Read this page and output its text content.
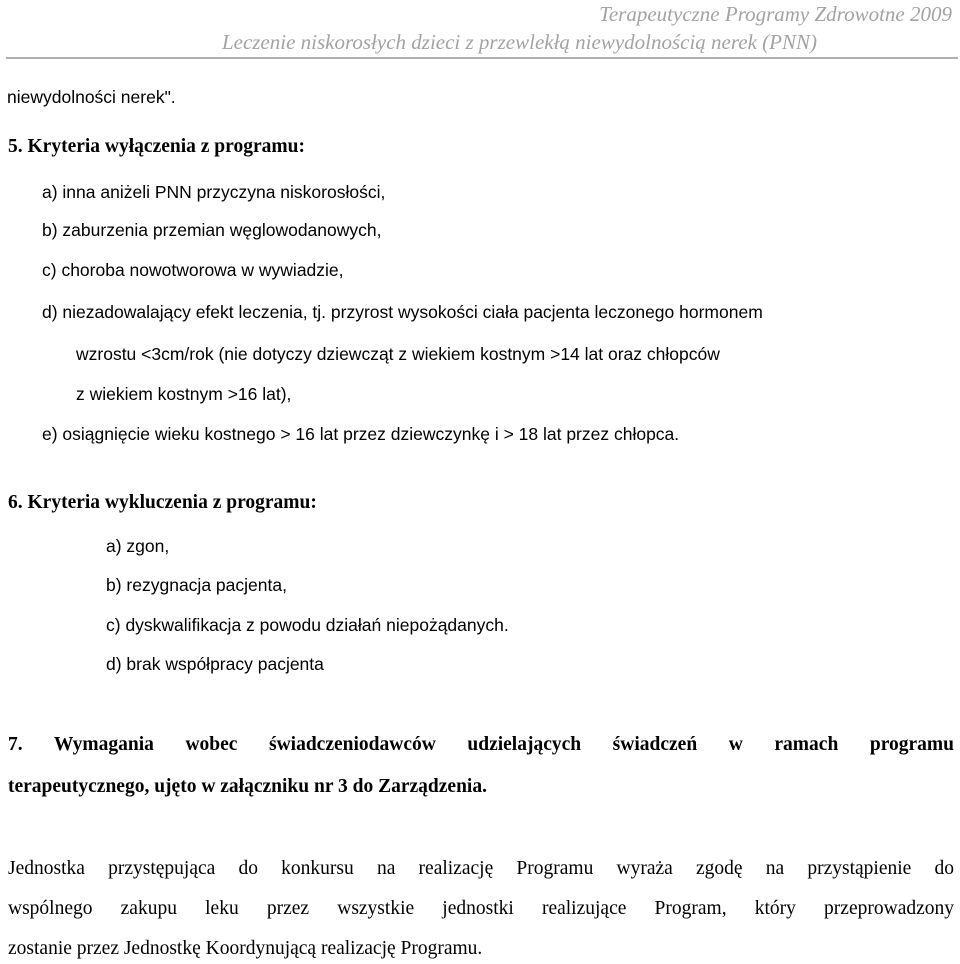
Terapeutyczne Programy Zdrowotne 2009
Leczenie niskorosłych dzieci z przewlekłą niewydolnością nerek (PNN)
niewydolności nerek".
5. Kryteria wyłączenia z programu:
a) inna aniżeli PNN przyczyna niskorosłości,
b) zaburzenia przemian węglowodanowych,
c) choroba nowotworowa w wywiadzie,
d) niezadowalający efekt leczenia, tj. przyrost wysokości ciała pacjenta leczonego hormonem
wzrostu <3cm/rok (nie dotyczy dziewcząt z wiekiem kostnym >14 lat oraz chłopców
z wiekiem kostnym >16 lat),
e) osiągnięcie wieku kostnego > 16 lat przez dziewczynkę i > 18 lat przez chłopca.
6. Kryteria wykluczenia z programu:
a) zgon,
b) rezygnacja pacjenta,
c) dyskwalifikacja z powodu działań niepożądanych.
d) brak współpracy pacjenta
7. Wymagania wobec świadczeniodawców udzielających świadczeń w ramach programu
terapeutycznego, ujęto w załączniku nr 3 do Zarządzenia.
Jednostka przystępująca do konkursu na realizację Programu wyraża zgodę na przystąpienie do
wspólnego zakupu leku przez wszystkie jednostki realizujące Program, który przeprowadzony
zostanie przez Jednostkę Koordynującą realizację Programu.
